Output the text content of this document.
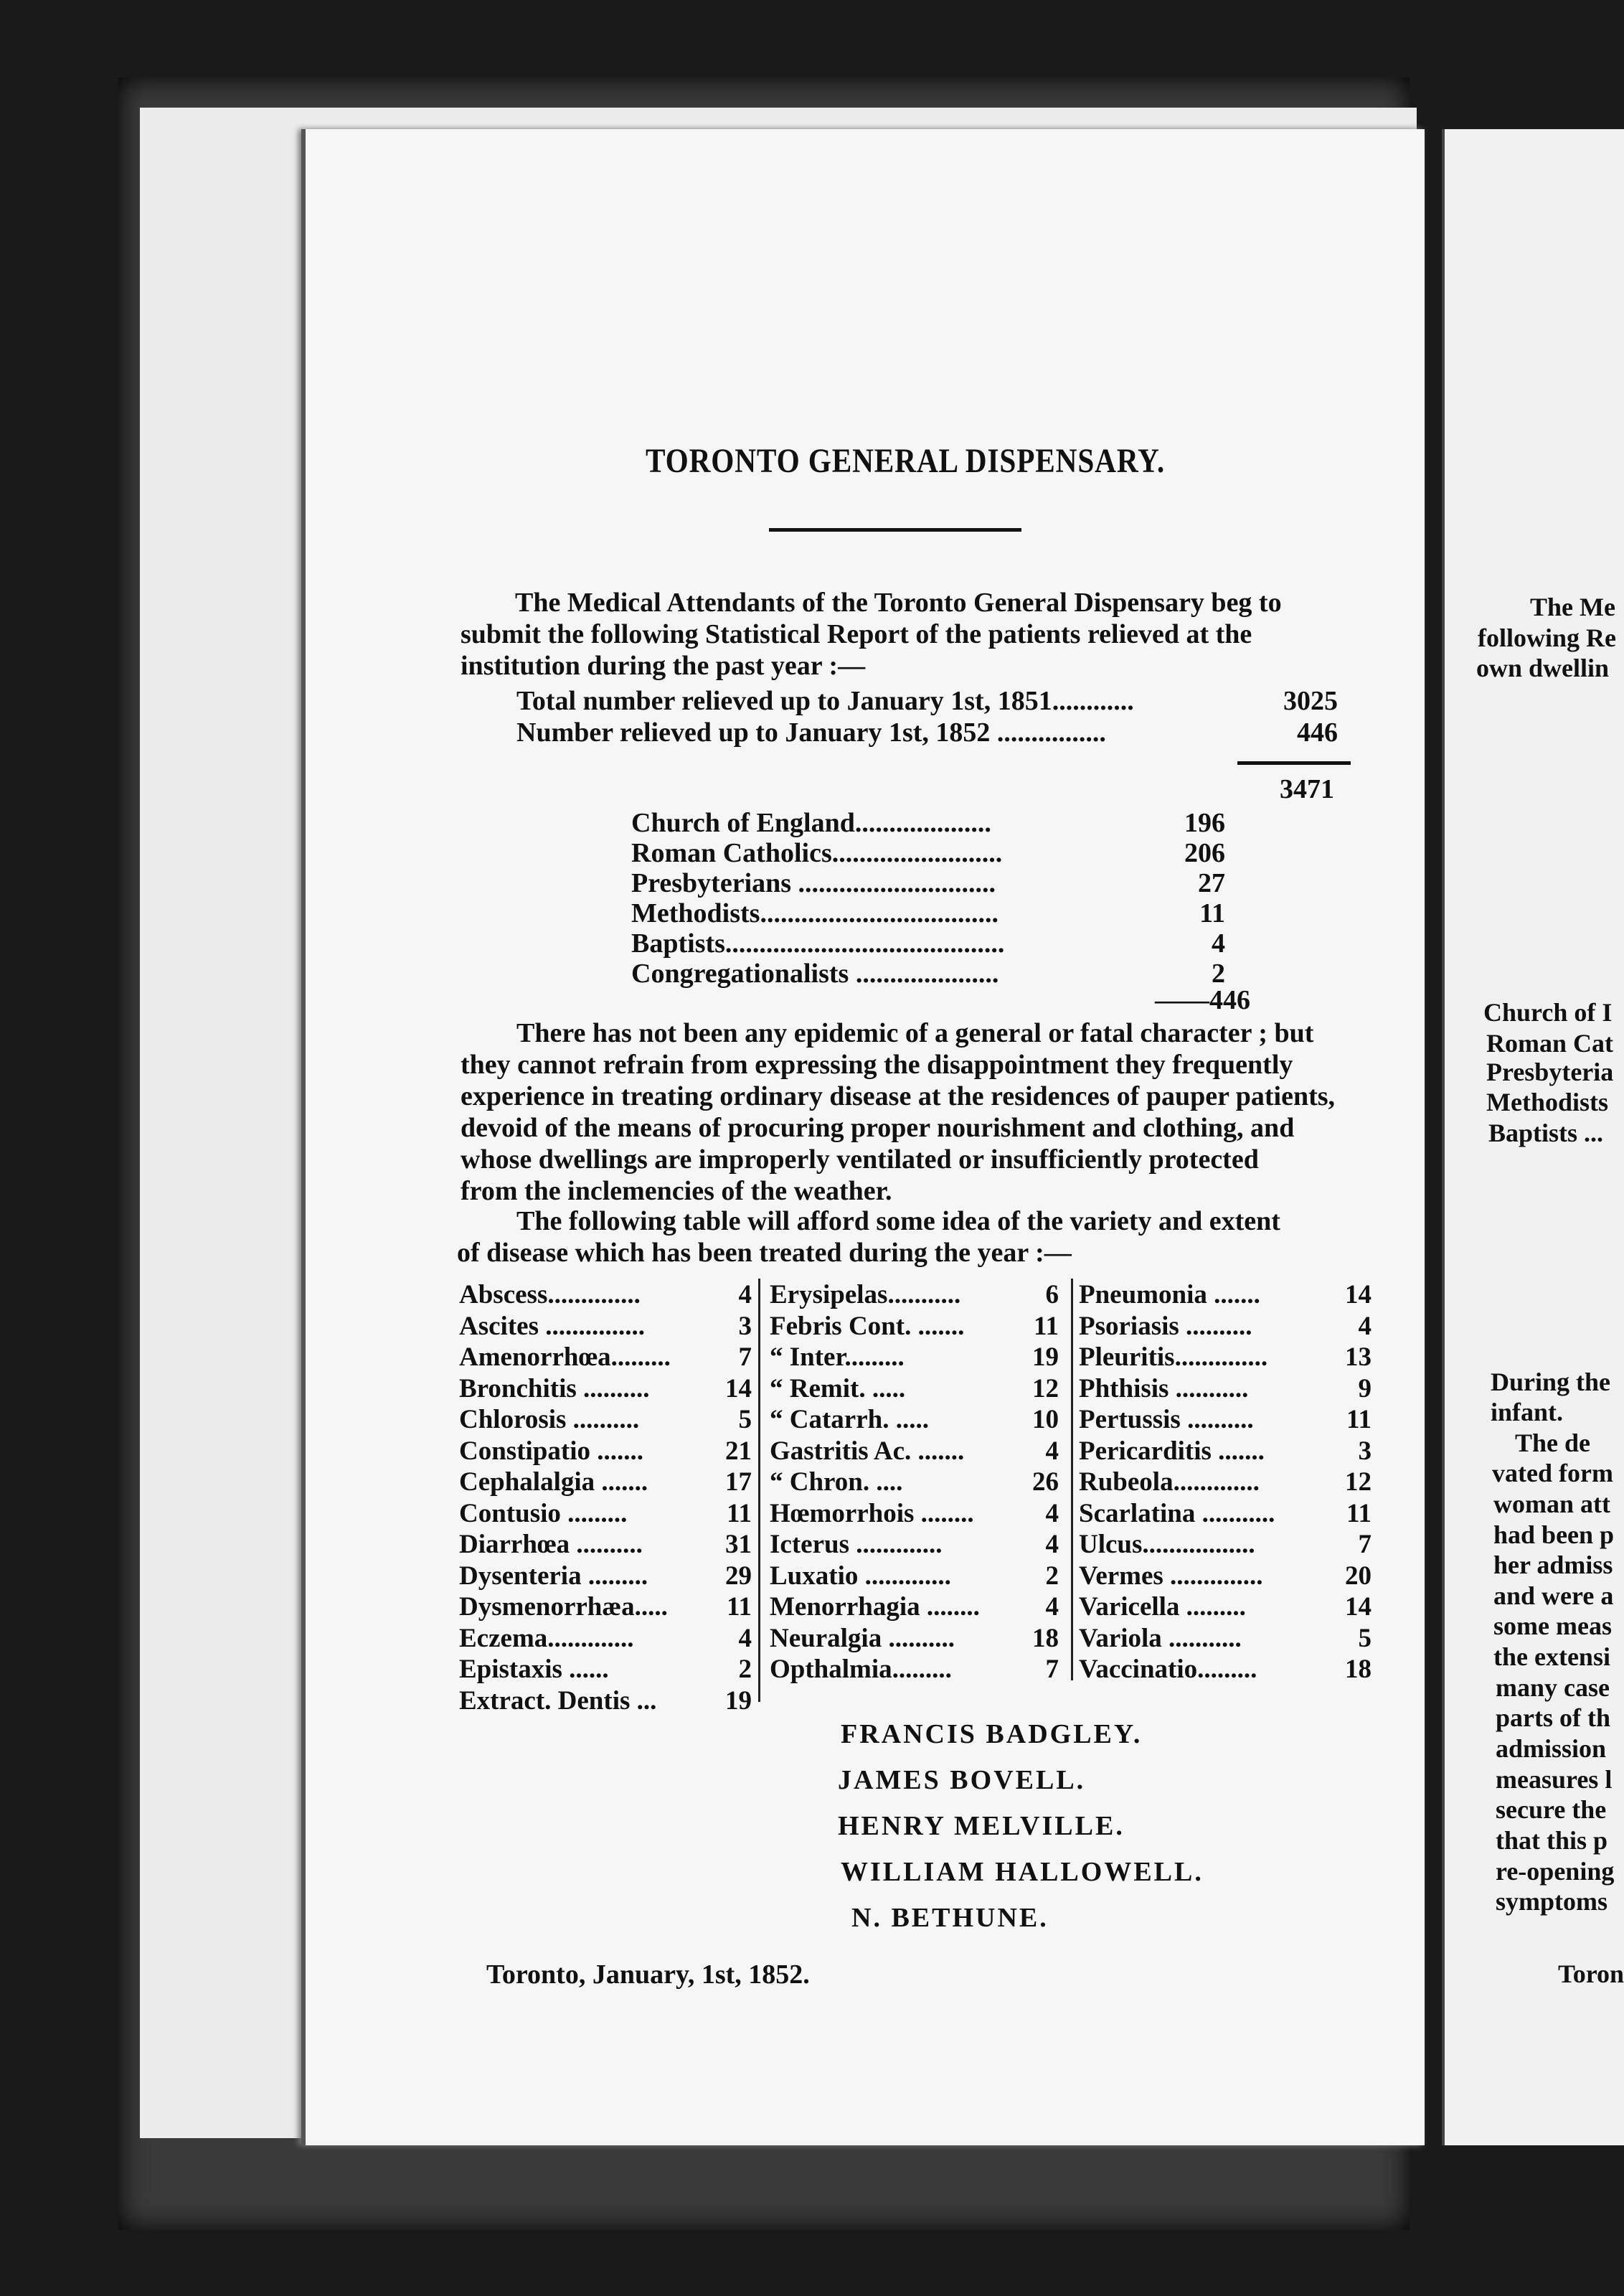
TORONTO GENERAL DISPENSARY.
The Medical Attendants of the Toronto General Dispensary beg to
submit the following Statistical Report of the patients relieved at the
institution during the past year :—
Total number relieved up to January 1st, 1851............	3025
Number relieved up to January 1st, 1852 ................	446
3471
Church of England....................	196
Roman Catholics.........................	206
Presbyterians .............................	27
Methodists...................................	11
Baptists.........................................	4
Congregationalists .....................	2
——446
There has not been any epidemic of a general or fatal character ; but
they cannot refrain from expressing the disappointment they frequently
experience in treating ordinary disease at the residences of pauper patients,
devoid of the means of procuring proper nourishment and clothing, and
whose dwellings are improperly ventilated or insufficiently protected
from the inclemencies of the weather.
The following table will afford some idea of the variety and extent
of disease which has been treated during the year :—
Abscess..............	4
Ascites ...............	3
Amenorrhœa.........	7
Bronchitis ..........	14
Chlorosis ..........	5
Constipatio .......	21
Cephalalgia .......	17
Contusio .........	11
Diarrhœa ..........	31
Dysenteria .........	29
Dysmenorrhæa..... 11
Eczema.............	4
Epistaxis ......	2
Extract. Dentis ...	19
Erysipelas...........	6
Febris Cont. .......	11
“ Inter.........	19
“ Remit. .....	12
“ Catarrh. .....	10
Gastritis Ac. .......	4
“ Chron. ....	26
Hœmorrhois ........	4
Icterus .............	4
Luxatio .............	2
Menorrhagia ........ 4
Neuralgia ..........	18
Opthalmia.........	7
Pneumonia .......	14
Psoriasis ..........	4
Pleuritis..............	13
Phthisis ...........	9
Pertussis ..........	11
Pericarditis .......	3
Rubeola.............	12
Scarlatina ...........	11
Ulcus.................	7
Vermes ..............	20
Varicella .........	14
Variola ...........	5
Vaccinatio.........	18
FRANCIS BADGLEY.
JAMES BOVELL.
HENRY MELVILLE.
WILLIAM HALLOWELL.
N. BETHUNE.
Toronto, January, 1st, 1852.
The Me
following Re
own dwellin
Church of I
Roman Cat
Presbyteria
Methodists
Baptists ...
During the
infant.
The de
vated form
woman att
had been p
her admiss
and were a
some meas
the extensi
many case
parts of th
admission
measures l
secure the
that this p
re-opening
symptoms
Toron
